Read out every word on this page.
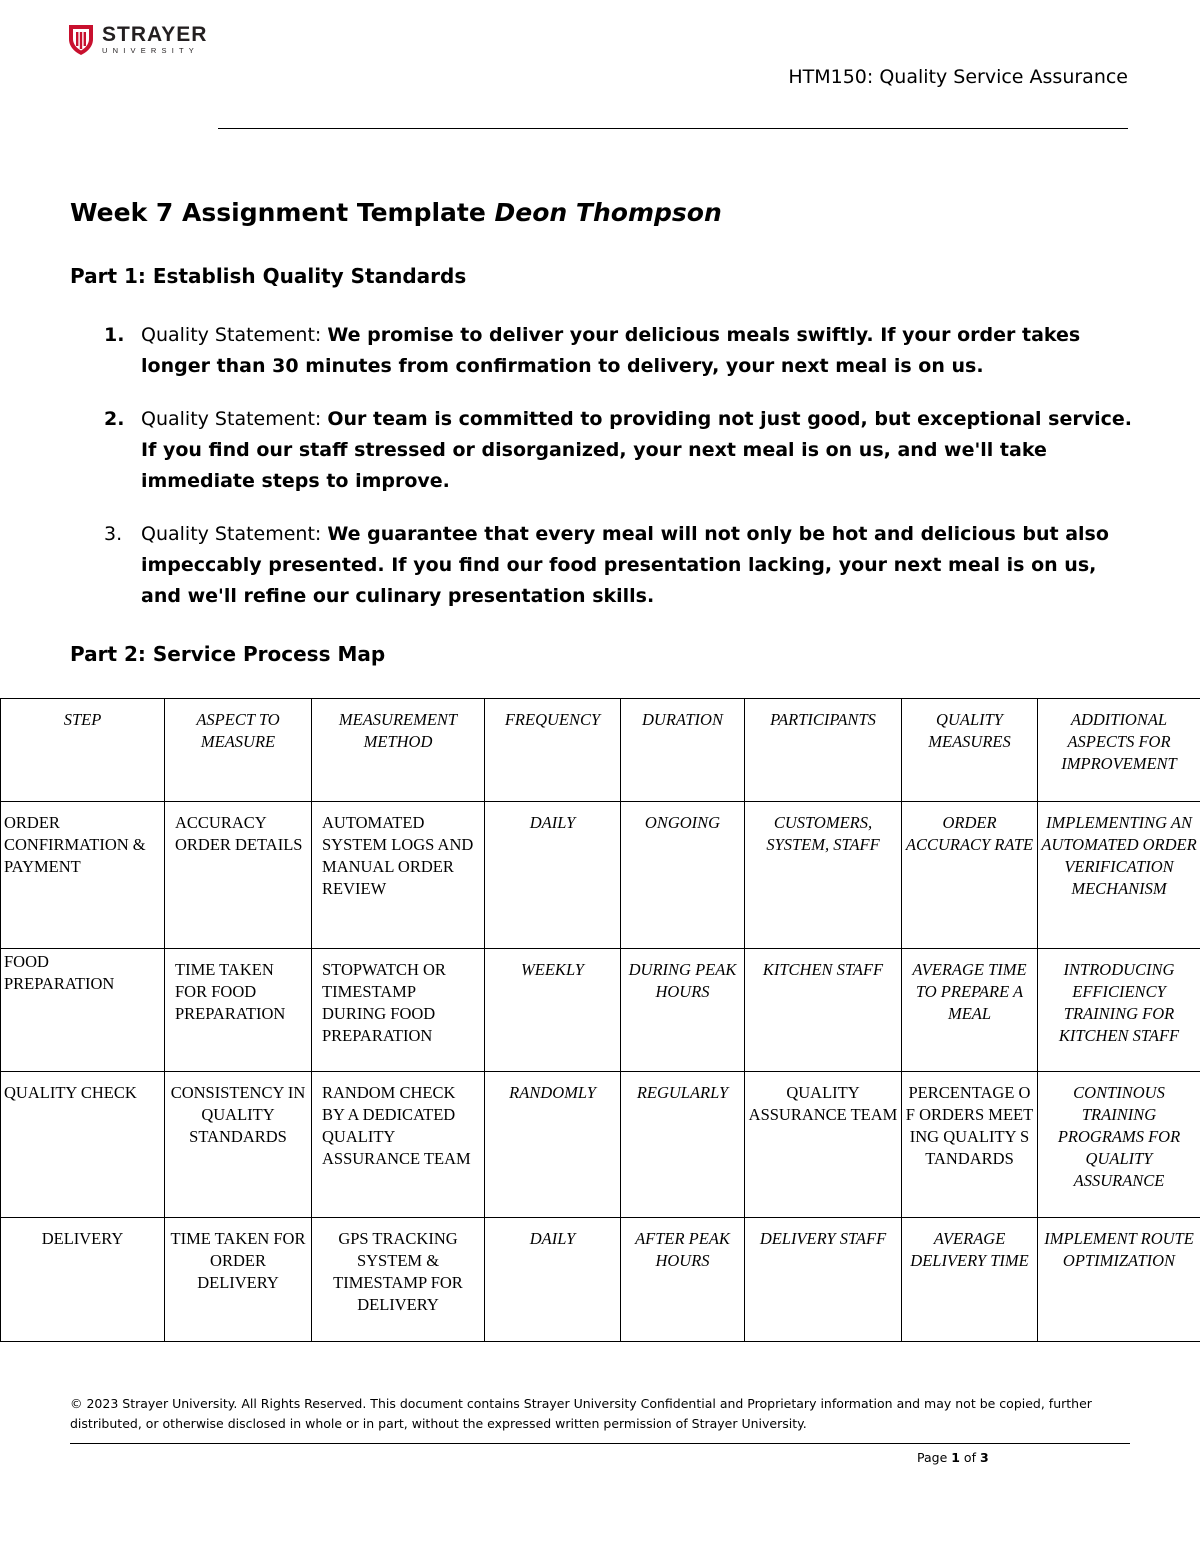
STRAYER
UNIVERSITY
HTM150: Quality Service Assurance
Week 7 Assignment Template Deon Thompson
Part 1: Establish Quality Standards
1. Quality Statement: We promise to deliver your delicious meals swiftly. If your order takes longer than 30 minutes from confirmation to delivery, your next meal is on us.
2. Quality Statement: Our team is committed to providing not just good, but exceptional service. If you find our staff stressed or disorganized, your next meal is on us, and we'll take immediate steps to improve.
3. Quality Statement: We guarantee that every meal will not only be hot and delicious but also impeccably presented. If you find our food presentation lacking, your next meal is on us, and we'll refine our culinary presentation skills.
Part 2: Service Process Map
STEP	ASPECT TO MEASURE	MEASUREMENT METHOD	FREQUENCY	DURATION	PARTICIPANTS	QUALITY MEASURES	ADDITIONAL ASPECTS FOR IMPROVEMENT
ORDER CONFIRMATION & PAYMENT	ACCURACY ORDER DETAILS	AUTOMATED SYSTEM LOGS AND MANUAL ORDER REVIEW	DAILY	ONGOING	CUSTOMERS, SYSTEM, STAFF	ORDER ACCURACY RATE	IMPLEMENTING AN AUTOMATED ORDER VERIFICATION MECHANISM
FOOD PREPARATION	TIME TAKEN FOR FOOD PREPARATION	STOPWATCH OR TIMESTAMP DURING FOOD PREPARATION	WEEKLY	DURING PEAK HOURS	KITCHEN STAFF	AVERAGE TIME TO PREPARE A MEAL	INTRODUCING EFFICIENCY TRAINING FOR KITCHEN STAFF
QUALITY CHECK	CONSISTENCY IN QUALITY STANDARDS	RANDOM CHECK BY A DEDICATED QUALITY ASSURANCE TEAM	RANDOMLY	REGULARLY	QUALITY ASSURANCE TEAM	PERCENTAGE OF ORDERS MEETING QUALITY STANDARDS	CONTINOUS TRAINING PROGRAMS FOR QUALITY ASSURANCE
DELIVERY	TIME TAKEN FOR ORDER DELIVERY	GPS TRACKING SYSTEM & TIMESTAMP FOR DELIVERY	DAILY	AFTER PEAK HOURS	DELIVERY STAFF	AVERAGE DELIVERY TIME	IMPLEMENT ROUTE OPTIMIZATION
© 2023 Strayer University. All Rights Reserved. This document contains Strayer University Confidential and Proprietary information and may not be copied, further distributed, or otherwise disclosed in whole or in part, without the expressed written permission of Strayer University.
Page 1 of 3
